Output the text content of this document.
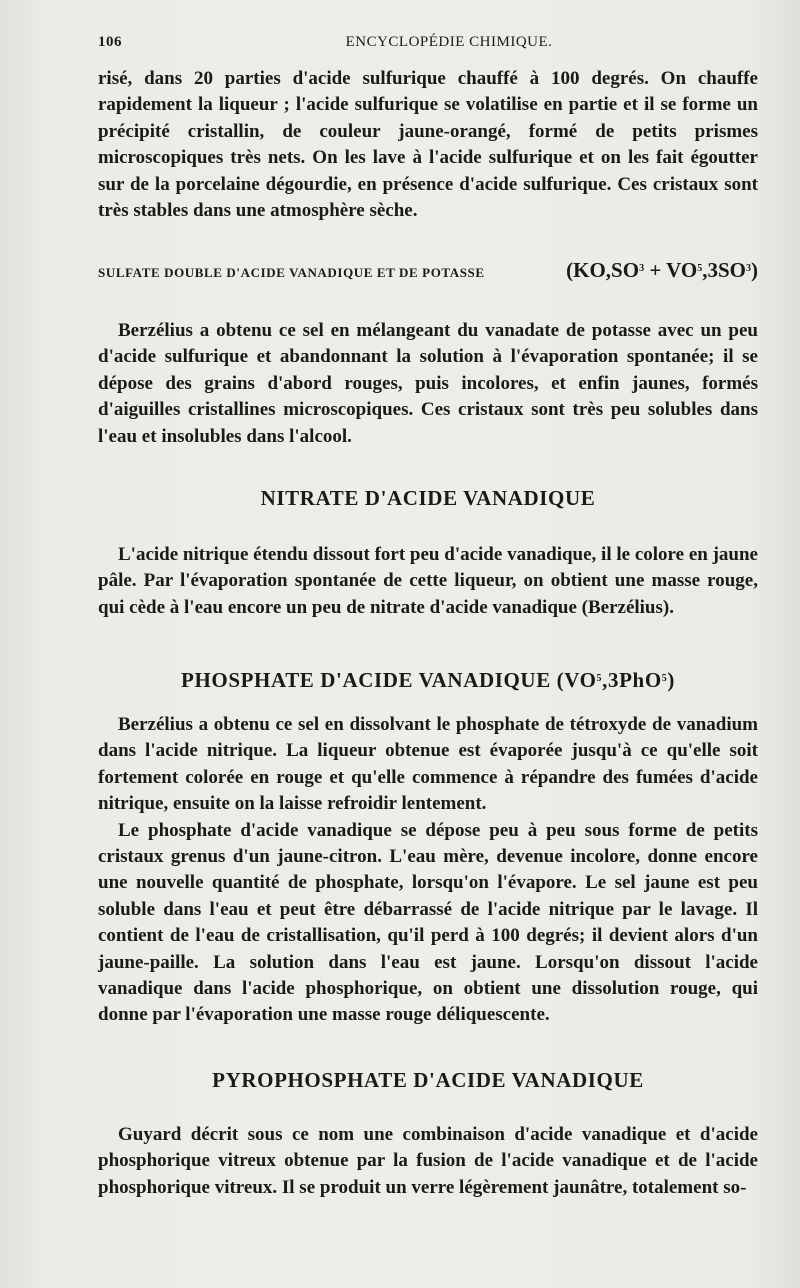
106	ENCYCLOPÉDIE CHIMIQUE.

risé, dans 20 parties d'acide sulfurique chauffé à 100 degrés. On chauffe rapidement la liqueur ; l'acide sulfurique se volatilise en partie et il se forme un précipité cristallin, de couleur jaune-orangé, formé de petits prismes microscopiques très nets. On les lave à l'acide sulfurique et on les fait égoutter sur de la porcelaine dégourdie, en présence d'acide sulfurique. Ces cristaux sont très stables dans une atmosphère sèche.

SULFATE DOUBLE D'ACIDE VANADIQUE ET DE POTASSE	$(KO,SO^3 + VO^5,3SO^3)$

Berzélius a obtenu ce sel en mélangeant du vanadate de potasse avec un peu d'acide sulfurique et abandonnant la solution à l'évaporation spontanée; il se dépose des grains d'abord rouges, puis incolores, et enfin jaunes, formés d'aiguilles cristallines microscopiques. Ces cristaux sont très peu solubles dans l'eau et insolubles dans l'alcool.

NITRATE D'ACIDE VANADIQUE

L'acide nitrique étendu dissout fort peu d'acide vanadique, il le colore en jaune pâle. Par l'évaporation spontanée de cette liqueur, on obtient une masse rouge, qui cède à l'eau encore un peu de nitrate d'acide vanadique (Berzélius).

PHOSPHATE D'ACIDE VANADIQUE $(VO^5,3PhO^5)$

Berzélius a obtenu ce sel en dissolvant le phosphate de tétroxyde de vanadium dans l'acide nitrique. La liqueur obtenue est évaporée jusqu'à ce qu'elle soit fortement colorée en rouge et qu'elle commence à répandre des fumées d'acide nitrique, ensuite on la laisse refroidir lentement.

Le phosphate d'acide vanadique se dépose peu à peu sous forme de petits cristaux grenus d'un jaune-citron. L'eau mère, devenue incolore, donne encore une nouvelle quantité de phosphate, lorsqu'on l'évapore. Le sel jaune est peu soluble dans l'eau et peut être débarrassé de l'acide nitrique par le lavage. Il contient de l'eau de cristallisation, qu'il perd à 100 degrés; il devient alors d'un jaune-paille. La solution dans l'eau est jaune. Lorsqu'on dissout l'acide vanadique dans l'acide phosphorique, on obtient une dissolution rouge, qui donne par l'évaporation une masse rouge déliquescente.

PYROPHOSPHATE D'ACIDE VANADIQUE

Guyard décrit sous ce nom une combinaison d'acide vanadique et d'acide phosphorique vitreux obtenue par la fusion de l'acide vanadique et de l'acide phosphorique vitreux. Il se produit un verre légèrement jaunâtre, totalement so-
